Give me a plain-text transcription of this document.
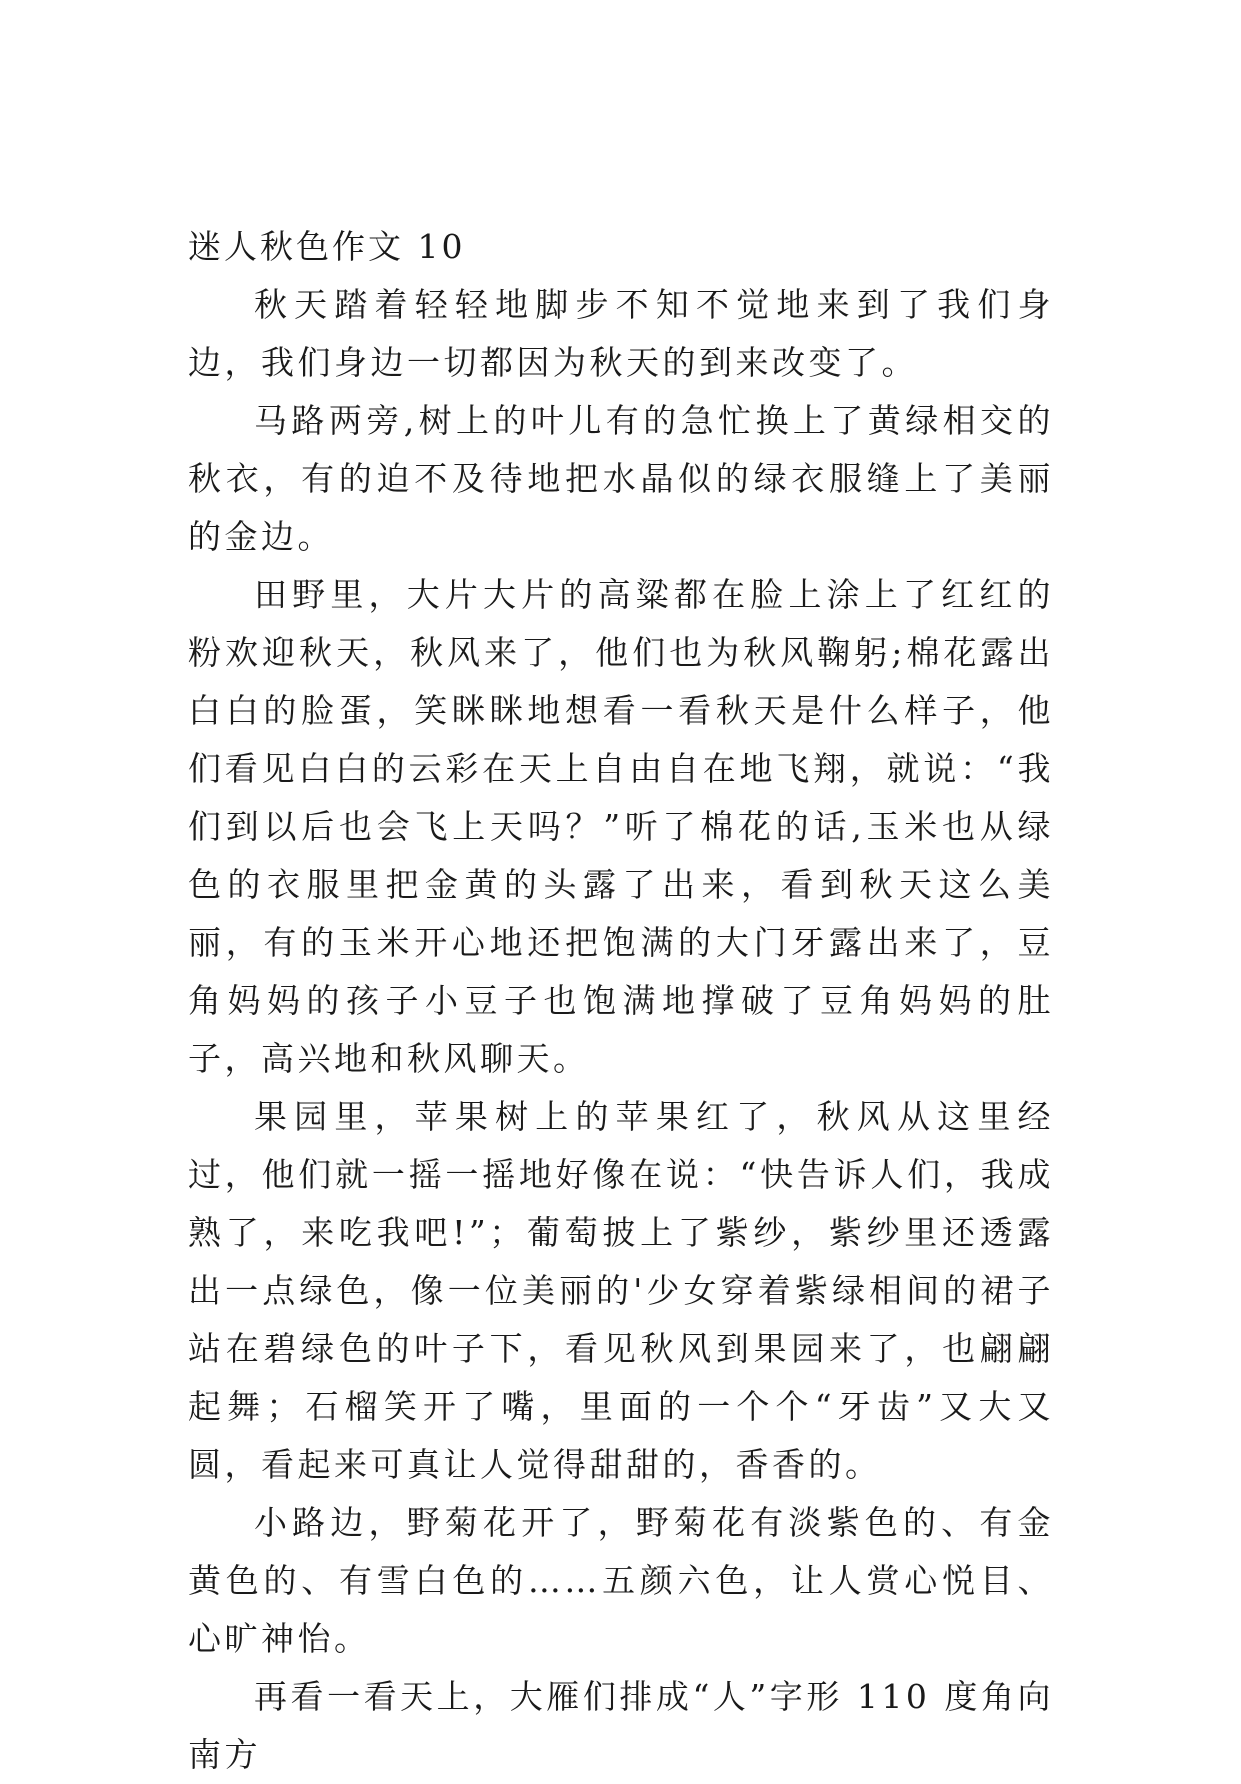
迷人秋色作文 10

秋天踏着轻轻地脚步不知不觉地来到了我们身边，我们身边一切都因为秋天的到来改变了。

马路两旁,树上的叶儿有的急忙换上了黄绿相交的秋衣，有的迫不及待地把水晶似的绿衣服缝上了美丽的金边。

田野里，大片大片的高粱都在脸上涂上了红红的粉欢迎秋天，秋风来了，他们也为秋风鞠躬;棉花露出白白的脸蛋，笑眯眯地想看一看秋天是什么样子，他们看见白白的云彩在天上自由自在地飞翔，就说：“我们到以后也会飞上天吗？”听了棉花的话,玉米也从绿色的衣服里把金黄的头露了出来，看到秋天这么美丽，有的玉米开心地还把饱满的大门牙露出来了，豆角妈妈的孩子小豆子也饱满地撑破了豆角妈妈的肚子，高兴地和秋风聊天。

果园里，苹果树上的苹果红了，秋风从这里经过，他们就一摇一摇地好像在说：“快告诉人们，我成熟了，来吃我吧!”；葡萄披上了紫纱，紫纱里还透露出一点绿色，像一位美丽的'少女穿着紫绿相间的裙子站在碧绿色的叶子下，看见秋风到果园来了，也翩翩起舞；石榴笑开了嘴，里面的一个个“牙齿”又大又圆，看起来可真让人觉得甜甜的，香香的。

小路边，野菊花开了，野菊花有淡紫色的、有金黄色的、有雪白色的……五颜六色，让人赏心悦目、心旷神怡。

再看一看天上，大雁们排成“人”字形 110 度角向南方
